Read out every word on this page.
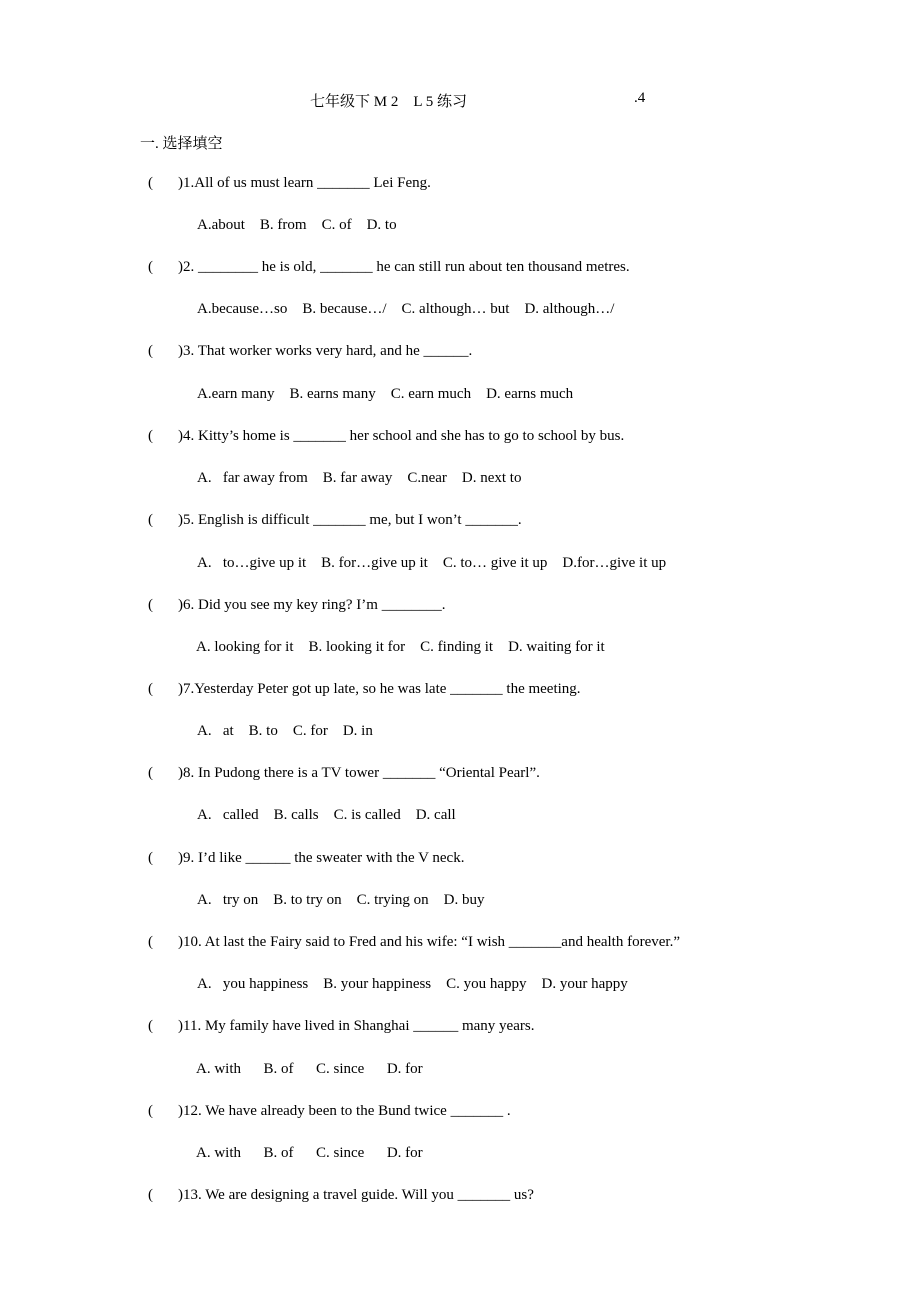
七年级下 M 2    L 5 练习	.4
一. 选择填空
( )1.All of us must learn _______ Lei Feng.
A.about    B. from    C. of    D. to
( )2. ________ he is old, _______ he can still run about ten thousand metres.
A.because…so    B. because…/    C. although… but    D. although…/
( )3. That worker works very hard, and he ______.
A.earn many    B. earns many    C. earn much    D. earns much
( )4. Kitty’s home is _______ her school and she has to go to school by bus.
A.   far away from    B. far away    C.near    D. next to
( )5. English is difficult _______ me, but I won’t _______.
A.   to…give up it    B. for…give up it    C. to… give it up    D.for…give it up
( )6. Did you see my key ring? I’m ________.
A. looking for it    B. looking it for    C. finding it    D. waiting for it
( )7.Yesterday Peter got up late, so he was late _______ the meeting.
A.   at    B. to    C. for    D. in
( )8. In Pudong there is a TV tower _______ “Oriental Pearl”.
A.   called    B. calls    C. is called    D. call
( )9. I’d like ______ the sweater with the V neck.
A.   try on    B. to try on    C. trying on    D. buy
( )10. At last the Fairy said to Fred and his wife: “I wish _______and health forever.”
A.   you happiness    B. your happiness    C. you happy    D. your happy
( )11. My family have lived in Shanghai ______ many years.
A. with      B. of      C. since      D. for
( )12. We have already been to the Bund twice _______ .
A. with      B. of      C. since      D. for
( )13. We are designing a travel guide. Will you _______ us?
